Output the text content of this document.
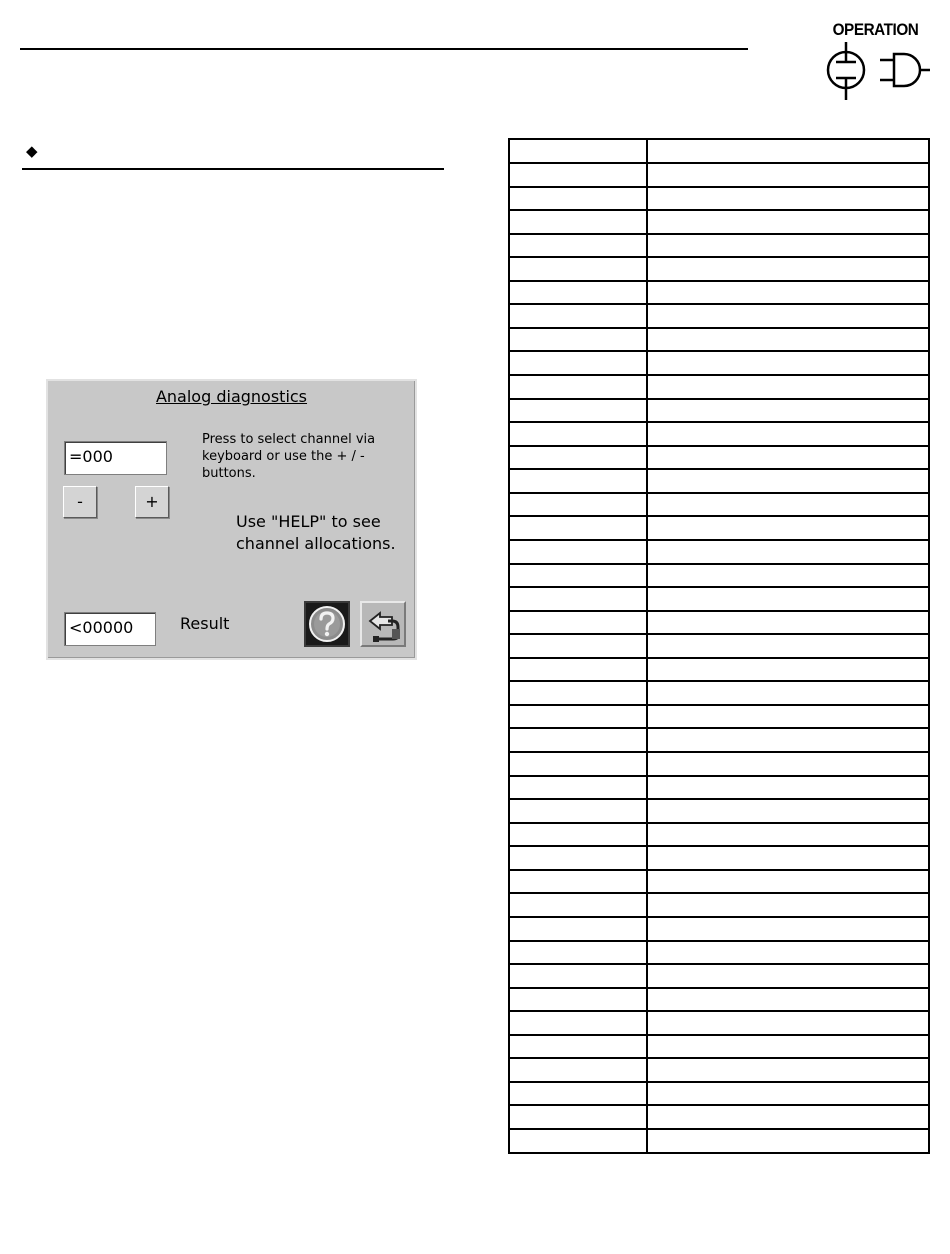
OPERATION
◆
Analog diagnostics
=000
Press to select channel via keyboard or use the + / - buttons.
-	+
Use "HELP" to see channel allocations.
<00000	Result
